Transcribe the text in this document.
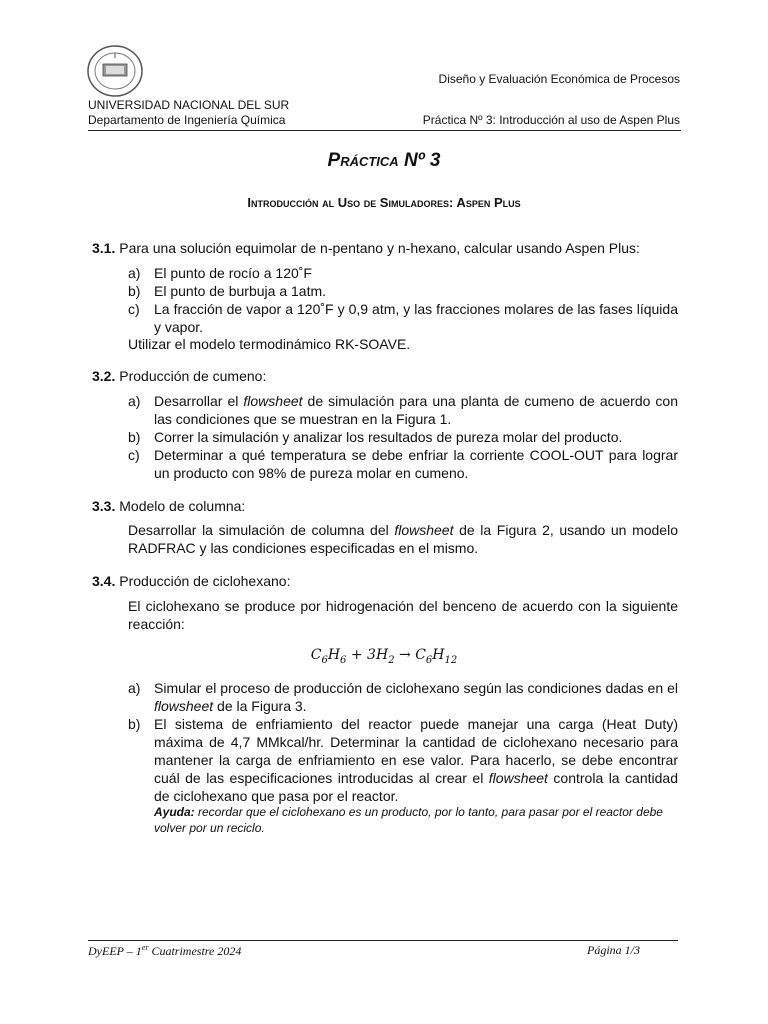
Diseño y Evaluación Económica de Procesos
UNIVERSIDAD NACIONAL DEL SUR
Departamento de Ingeniería Química	Práctica Nº 3: Introducción al uso de Aspen Plus
Práctica Nº 3
Introducción al Uso de Simuladores: Aspen Plus
3.1. Para una solución equimolar de n-pentano y n-hexano, calcular usando Aspen Plus:
a) El punto de rocío a 120˚F
b) El punto de burbuja a 1atm.
c) La fracción de vapor a 120˚F y 0,9 atm, y las fracciones molares de las fases líquida y vapor.
Utilizar el modelo termodinámico RK-SOAVE.
3.2. Producción de cumeno:
a) Desarrollar el flowsheet de simulación para una planta de cumeno de acuerdo con las condiciones que se muestran en la Figura 1.
b) Correr la simulación y analizar los resultados de pureza molar del producto.
c) Determinar a qué temperatura se debe enfriar la corriente COOL-OUT para lograr un producto con 98% de pureza molar en cumeno.
3.3. Modelo de columna:
Desarrollar la simulación de columna del flowsheet de la Figura 2, usando un modelo RADFRAC y las condiciones especificadas en el mismo.
3.4. Producción de ciclohexano:
El ciclohexano se produce por hidrogenación del benceno de acuerdo con la siguiente reacción:
$C_6H_6 + 3H_2 \to C_6H_{12}$
a) Simular el proceso de producción de ciclohexano según las condiciones dadas en el flowsheet de la Figura 3.
b) El sistema de enfriamiento del reactor puede manejar una carga (Heat Duty) máxima de 4,7 MMkcal/hr. Determinar la cantidad de ciclohexano necesario para mantener la carga de enfriamiento en ese valor. Para hacerlo, se debe encontrar cuál de las especificaciones introducidas al crear el flowsheet controla la cantidad de ciclohexano que pasa por el reactor.
Ayuda: recordar que el ciclohexano es un producto, por lo tanto, para pasar por el reactor debe volver por un reciclo.
DyEEP – 1er Cuatrimestre 2024	Página 1/3
